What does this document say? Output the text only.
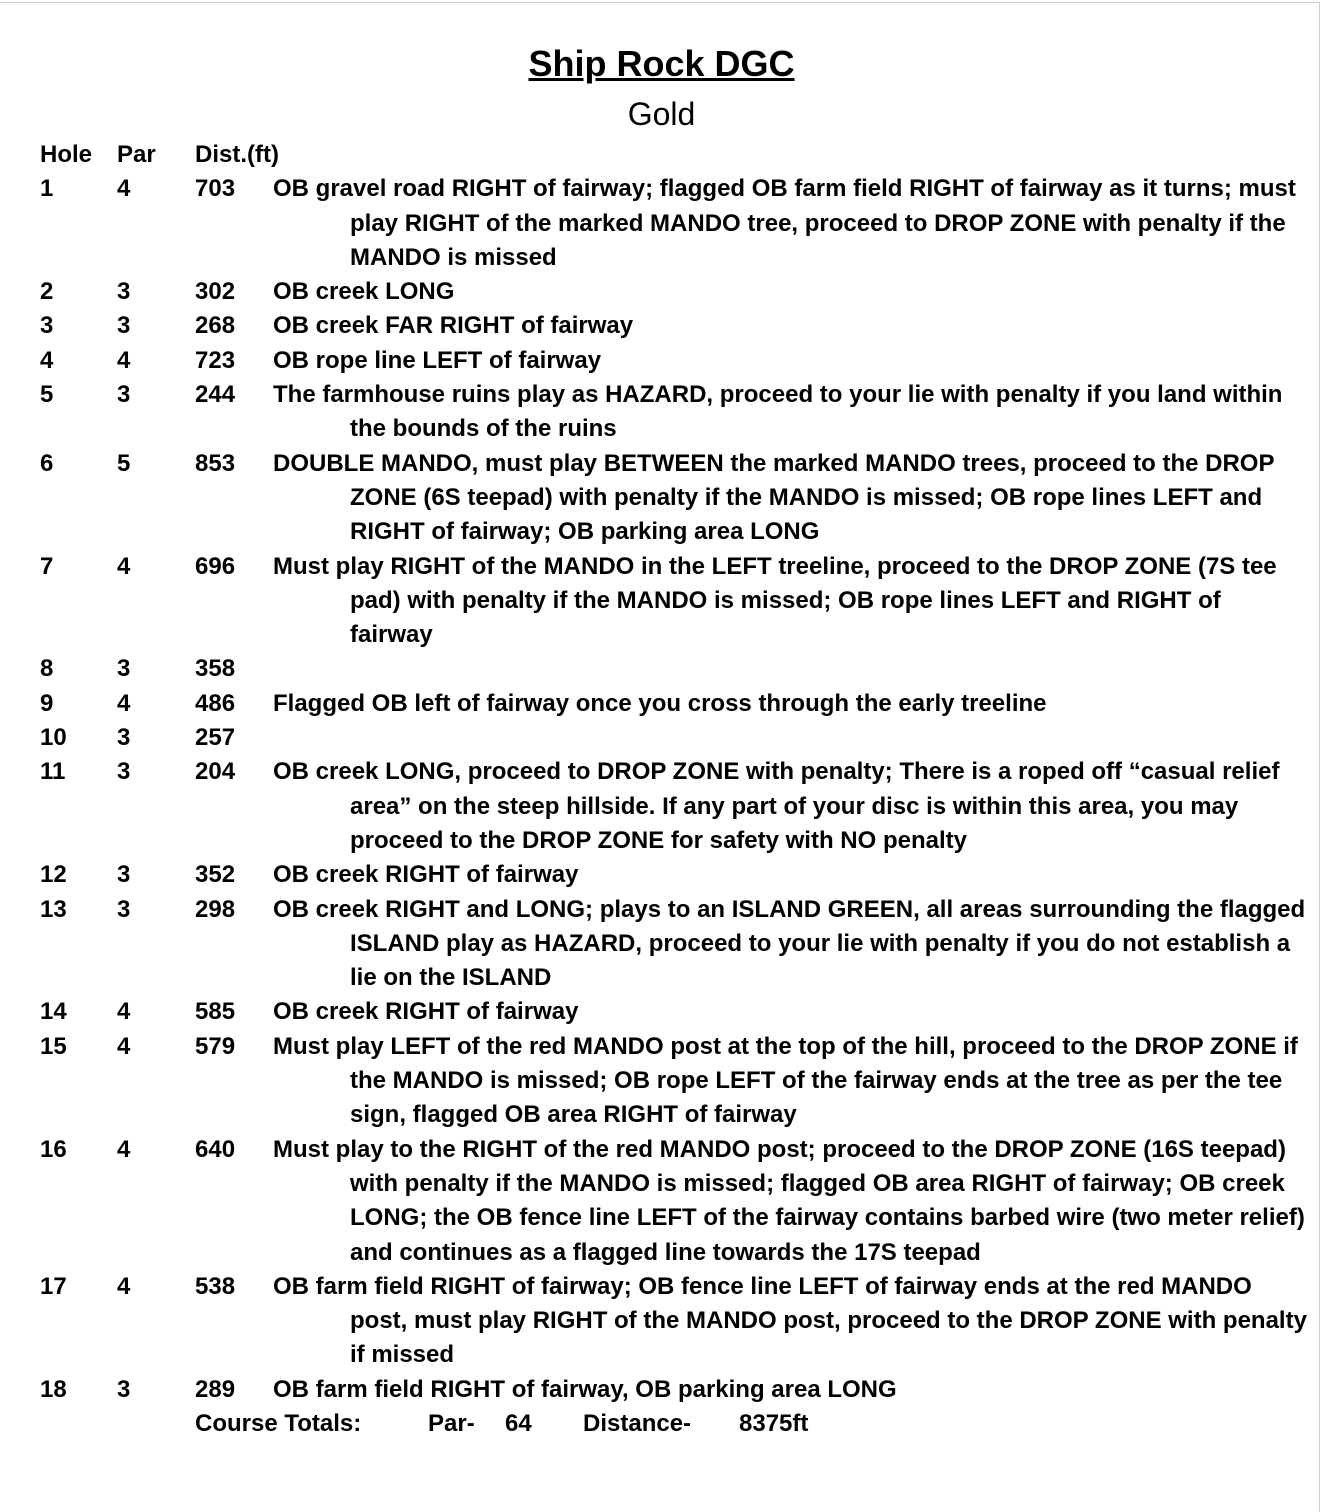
Ship Rock DGC
Gold
Hole Par Dist.(ft)

1	4	703 OB gravel road RIGHT of fairway; flagged OB farm field RIGHT of fairway as it turns; must play RIGHT of the marked MANDO tree, proceed to DROP ZONE with penalty if the MANDO is missed
2	3	302 OB creek LONG
3	3	268 OB creek FAR RIGHT of fairway
4	4	723 OB rope line LEFT of fairway
5	3	244 The farmhouse ruins play as HAZARD, proceed to your lie with penalty if you land within the bounds of the ruins
6	5	853 DOUBLE MANDO, must play BETWEEN the marked MANDO trees, proceed to the DROP ZONE (6S teepad) with penalty if the MANDO is missed; OB rope lines LEFT and RIGHT of fairway; OB parking area LONG
7	4	696 Must play RIGHT of the MANDO in the LEFT treeline, proceed to the DROP ZONE (7S tee pad) with penalty if the MANDO is missed; OB rope lines LEFT and RIGHT of fairway
8	3	358

9	4	486 Flagged OB left of fairway once you cross through the early treeline
10 3	257

11 3	204 OB creek LONG, proceed to DROP ZONE with penalty; There is a roped off “casual relief area” on the steep hillside. If any part of your disc is within this area, you may proceed to the DROP ZONE for safety with NO penalty
12 3	352 OB creek RIGHT of fairway
13 3	298 OB creek RIGHT and LONG; plays to an ISLAND GREEN, all areas surrounding the flagged ISLAND play as HAZARD, proceed to your lie with penalty if you do not establish a lie on the ISLAND
14 4	585 OB creek RIGHT of fairway
15 4	579 Must play LEFT of the red MANDO post at the top of the hill, proceed to the DROP ZONE if the MANDO is missed; OB rope LEFT of the fairway ends at the tree as per the tee sign, flagged OB area RIGHT of fairway
16 4	640 Must play to the RIGHT of the red MANDO post; proceed to the DROP ZONE (16S teepad) with penalty if the MANDO is missed; flagged OB area RIGHT of fairway; OB creek LONG; the OB fence line LEFT of the fairway contains barbed wire (two meter relief) and continues as a flagged line towards the 17S teepad
17 4	538 OB farm field RIGHT of fairway; OB fence line LEFT of fairway ends at the red MANDO post, must play RIGHT of the MANDO post, proceed to the DROP ZONE with penalty if missed
18 3	289 OB farm field RIGHT of fairway, OB parking area LONG
Course Totals:	Par- 64 Distance- 8375ft
